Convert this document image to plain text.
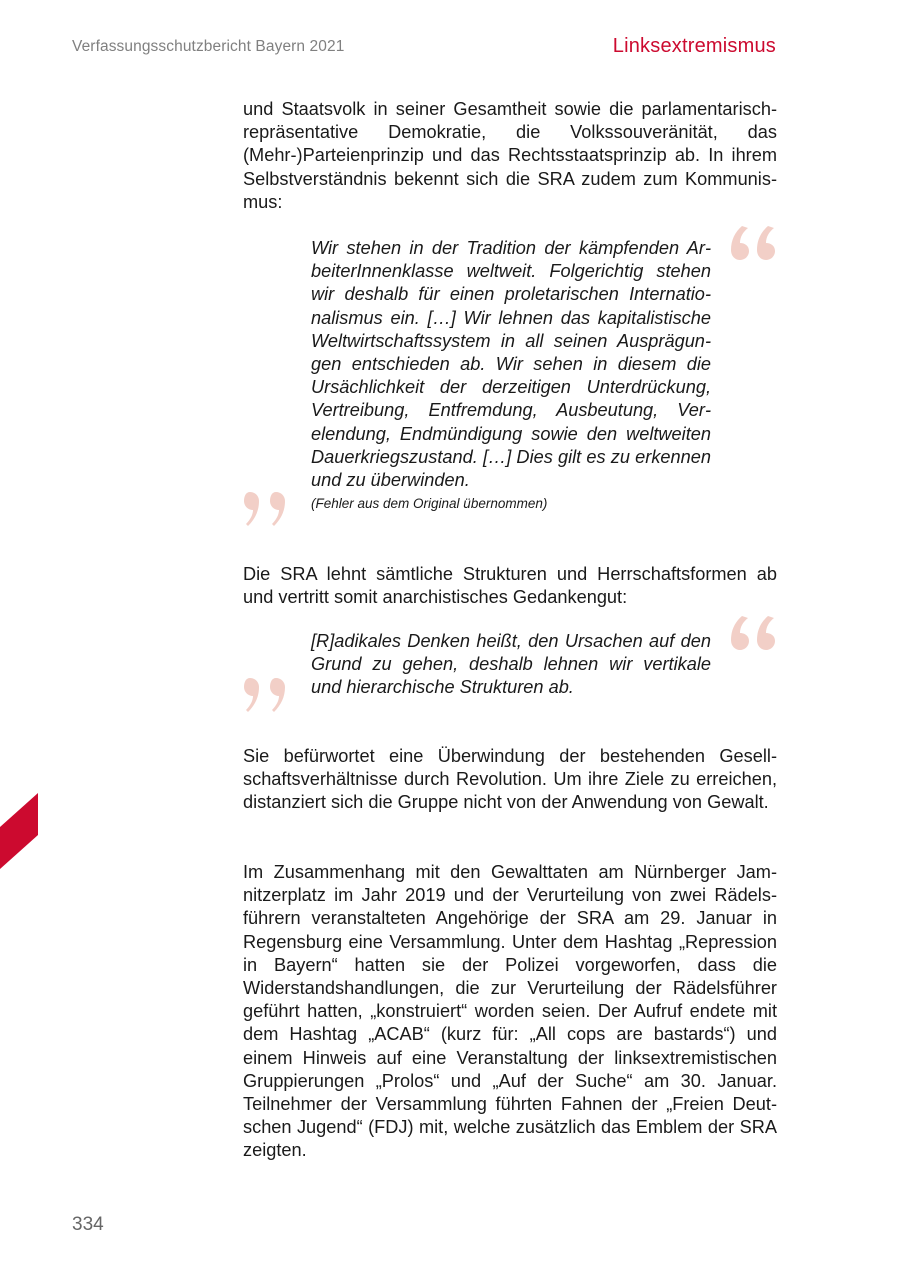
Verfassungsschutzbericht Bayern 2021	Linksextremismus

und Staatsvolk in seiner Gesamtheit sowie die parlamentarisch-repräsentative Demokratie, die Volkssouveränität, das (Mehr-)Parteienprinzip und das Rechtsstaatsprinzip ab. In ihrem Selbstverständnis bekennt sich die SRA zudem zum Kommunismus:

Wir stehen in der Tradition der kämpfenden ArbeiterInnenklasse weltweit. Folgerichtig stehen wir deshalb für einen proletarischen Internationalismus ein. […] Wir lehnen das kapitalistische Weltwirtschaftssystem in all seinen Ausprägungen entschieden ab. Wir sehen in diesem die Ursächlichkeit der derzeitigen Unterdrückung, Vertreibung, Entfremdung, Ausbeutung, Verelendung, Endmündigung sowie den weltweiten Dauerkriegszustand. […] Dies gilt es zu erkennen und zu überwinden.

(Fehler aus dem Original übernommen)

Die SRA lehnt sämtliche Strukturen und Herrschaftsformen ab und vertritt somit anarchistisches Gedankengut:

[R]adikales Denken heißt, den Ursachen auf den Grund zu gehen, deshalb lehnen wir vertikale und hierarchische Strukturen ab.

Sie befürwortet eine Überwindung der bestehenden Gesellschaftsverhältnisse durch Revolution. Um ihre Ziele zu erreichen, distanziert sich die Gruppe nicht von der Anwendung von Gewalt.

Im Zusammenhang mit den Gewalttaten am Nürnberger Jamnitzerplatz im Jahr 2019 und der Verurteilung von zwei Rädelsführern veranstalteten Angehörige der SRA am 29. Januar in Regensburg eine Versammlung. Unter dem Hashtag „Repression in Bayern“ hatten sie der Polizei vorgeworfen, dass die Widerstandshandlungen, die zur Verurteilung der Rädelsführer geführt hatten, „konstruiert“ worden seien. Der Aufruf endete mit dem Hashtag „ACAB“ (kurz für: „All cops are bastards“) und einem Hinweis auf eine Veranstaltung der linksextremistischen Gruppierungen „Prolos“ und „Auf der Suche“ am 30. Januar. Teilnehmer der Versammlung führten Fahnen der „Freien Deutschen Jugend“ (FDJ) mit, welche zusätzlich das Emblem der SRA zeigten.

334
